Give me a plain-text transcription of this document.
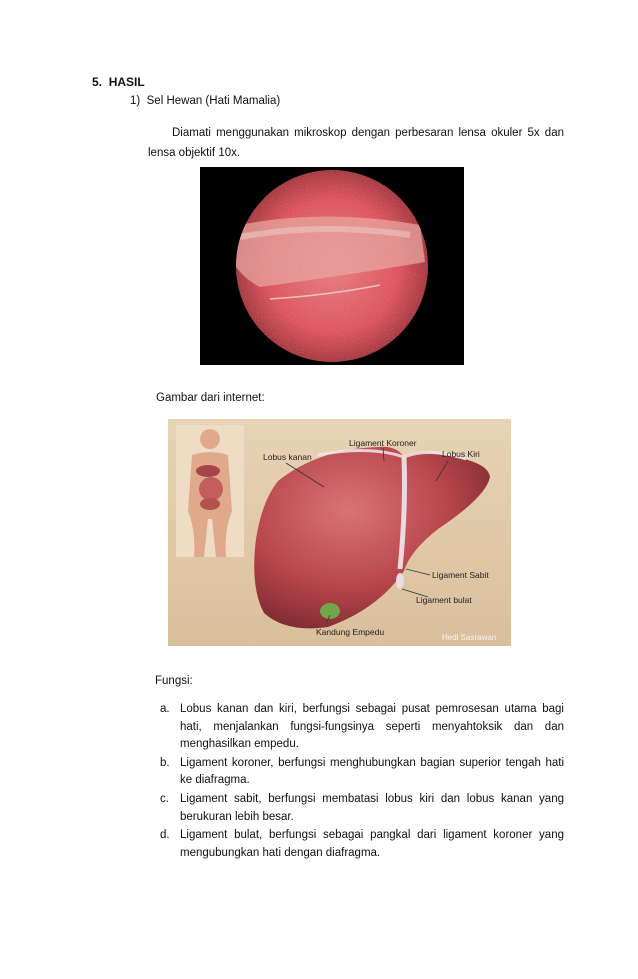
5. HASIL
1) Sel Hewan (Hati Mamalia)
Diamati menggunakan mikroskop dengan perbesaran lensa okuler 5x dan lensa objektif 10x.
Gambar dari internet:
Lobus kanan
Ligament Koroner
Lobus Kiri
Ligament Sabit
Ligament bulat
Kandung Empedu
Hedi Sasrawan
Fungsi:
a. Lobus kanan dan kiri, berfungsi sebagai pusat pemrosesan utama bagi hati, menjalankan fungsi-fungsinya seperti menyahtoksik dan dan menghasilkan empedu.
b. Ligament koroner, berfungsi menghubungkan bagian superior tengah hati ke diafragma.
c. Ligament sabit, berfungsi membatasi lobus kiri dan lobus kanan yang berukuran lebih besar.
d. Ligament bulat, berfungsi sebagai pangkal dari ligament koroner yang mengubungkan hati dengan diafragma.
